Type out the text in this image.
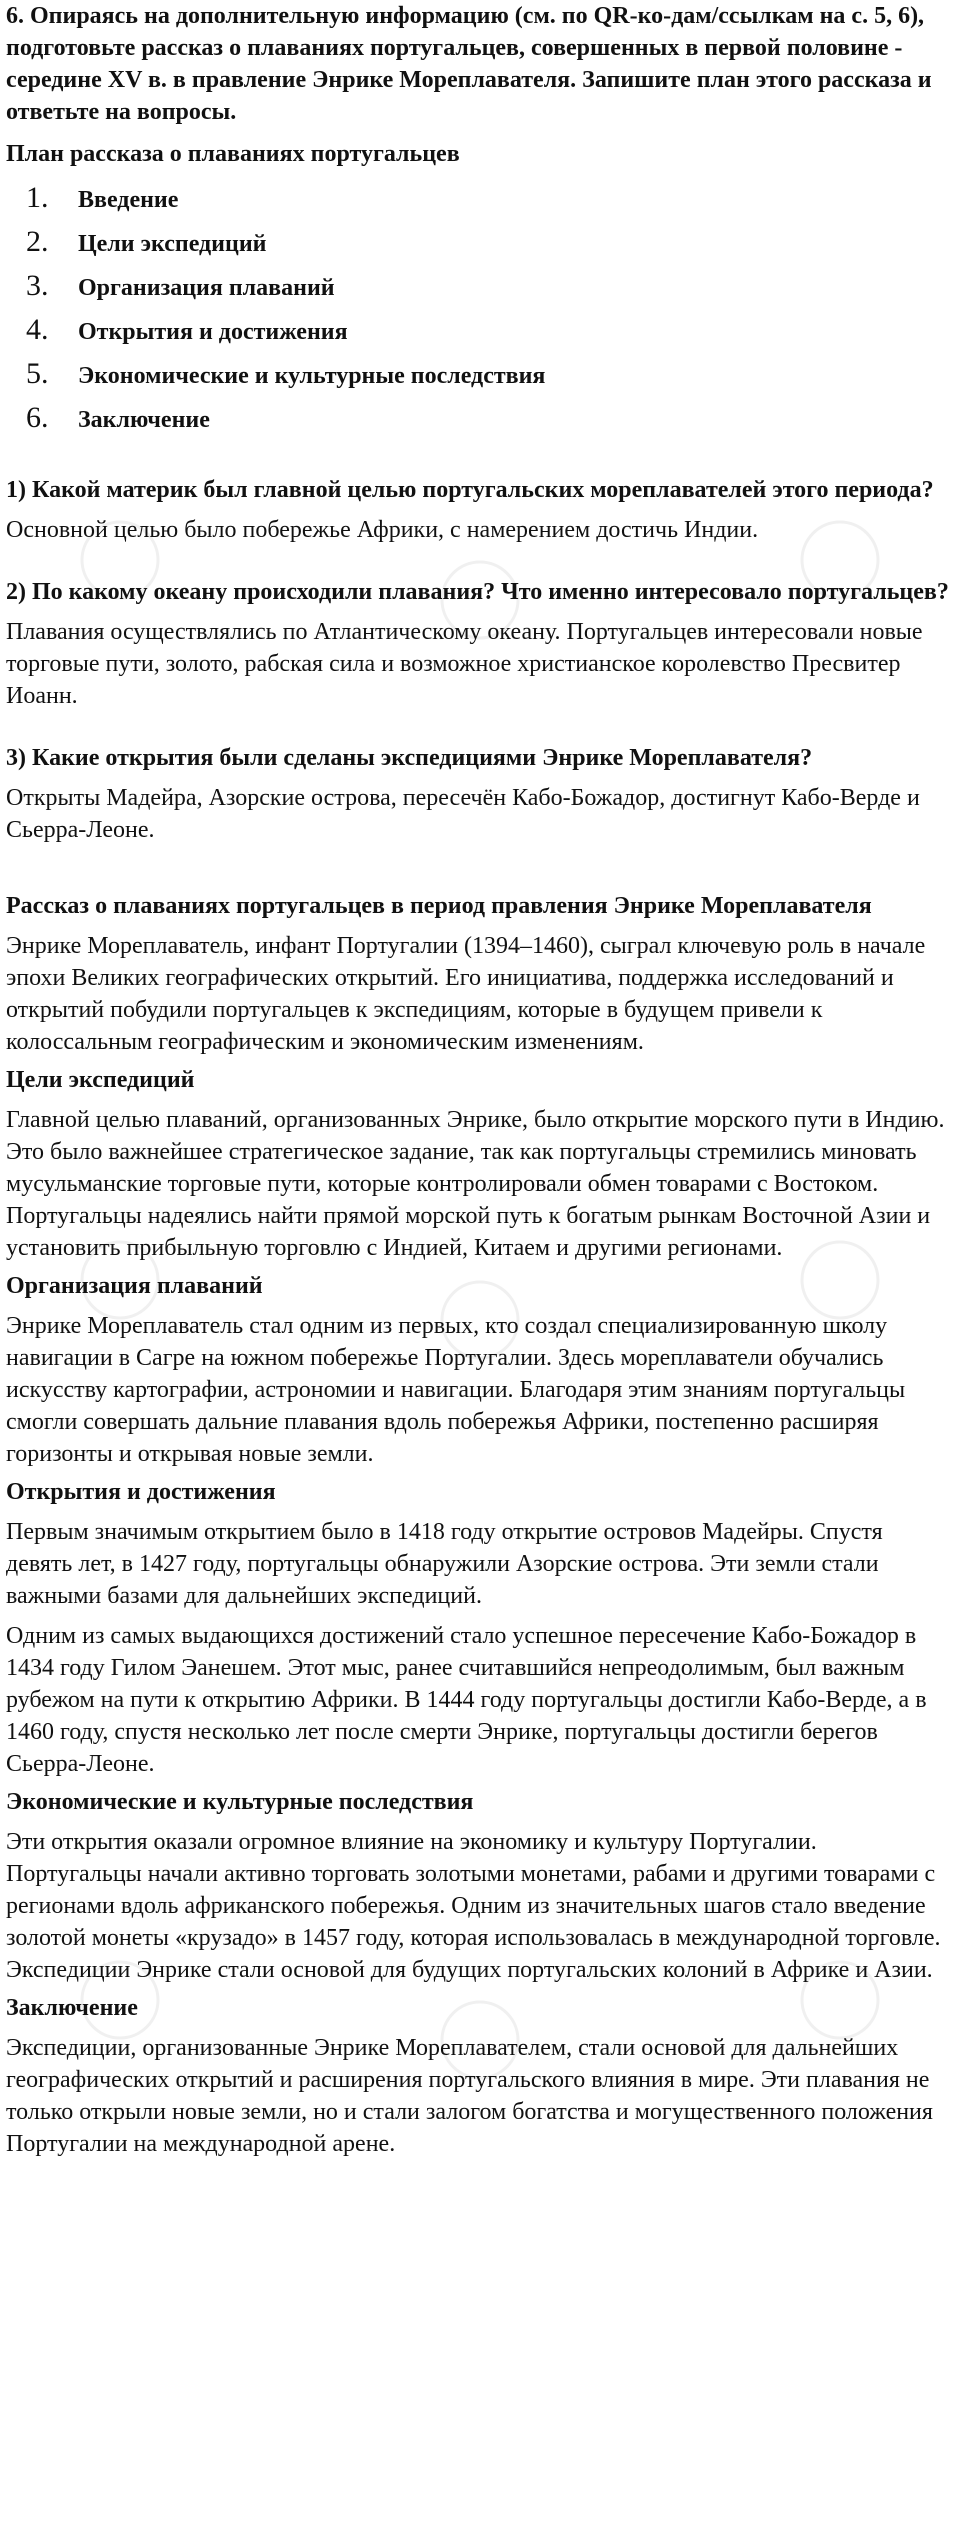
6. Опираясь на дополнительную информацию (см. по QR-ко-дам/ссылкам на с. 5, 6), подготовьте рассказ о плаваниях португальцев, совершенных в первой половине - середине XV в. в правление Энрике Мореплавателя. Запишите план этого рассказа и ответьте на вопросы.

План рассказа о плаваниях португальцев

1.	Введение
2.	Цели экспедиций
3.	Организация плаваний
4.	Открытия и достижения
5.	Экономические и культурные последствия
6.	Заключение

1) Какой материк был главной целью португальских мореплавателей этого периода?

Основной целью было побережье Африки, с намерением достичь Индии.

2) По какому океану происходили плавания? Что именно интересовало португальцев?

Плавания осуществлялись по Атлантическому океану. Португальцев интересовали новые торговые пути, золото, рабская сила и возможное христианское королевство Пресвитер Иоанн.

3) Какие открытия были сделаны экспедициями Энрике Мореплавателя?

Открыты Мадейра, Азорские острова, пересечён Кабо-Божадор, достигнут Кабо-Верде и Сьерра-Леоне.

Рассказ о плаваниях португальцев в период правления Энрике Мореплавателя

Энрике Мореплаватель, инфант Португалии (1394–1460), сыграл ключевую роль в начале эпохи Великих географических открытий. Его инициатива, поддержка исследований и открытий побудили португальцев к экспедициям, которые в будущем привели к колоссальным географическим и экономическим изменениям.

Цели экспедиций

Главной целью плаваний, организованных Энрике, было открытие морского пути в Индию. Это было важнейшее стратегическое задание, так как португальцы стремились миновать мусульманские торговые пути, которые контролировали обмен товарами с Востоком. Португальцы надеялись найти прямой морской путь к богатым рынкам Восточной Азии и установить прибыльную торговлю с Индией, Китаем и другими регионами.

Организация плаваний

Энрике Мореплаватель стал одним из первых, кто создал специализированную школу навигации в Сагре на южном побережье Португалии. Здесь мореплаватели обучались искусству картографии, астрономии и навигации. Благодаря этим знаниям португальцы смогли совершать дальние плавания вдоль побережья Африки, постепенно расширяя горизонты и открывая новые земли.

Открытия и достижения

Первым значимым открытием было в 1418 году открытие островов Мадейры. Спустя девять лет, в 1427 году, португальцы обнаружили Азорские острова. Эти земли стали важными базами для дальнейших экспедиций.

Одним из самых выдающихся достижений стало успешное пересечение Кабо-Божадор в 1434 году Гилом Эанешем. Этот мыс, ранее считавшийся непреодолимым, был важным рубежом на пути к открытию Африки. В 1444 году португальцы достигли Кабо-Верде, а в 1460 году, спустя несколько лет после смерти Энрике, португальцы достигли берегов Сьерра-Леоне.

Экономические и культурные последствия

Эти открытия оказали огромное влияние на экономику и культуру Португалии. Португальцы начали активно торговать золотыми монетами, рабами и другими товарами с регионами вдоль африканского побережья. Одним из значительных шагов стало введение золотой монеты «крузадо» в 1457 году, которая использовалась в международной торговле. Экспедиции Энрике стали основой для будущих португальских колоний в Африке и Азии.

Заключение

Экспедиции, организованные Энрике Мореплавателем, стали основой для дальнейших географических открытий и расширения португальского влияния в мире. Эти плавания не только открыли новые земли, но и стали залогом богатства и могущественного положения Португалии на международной арене.
